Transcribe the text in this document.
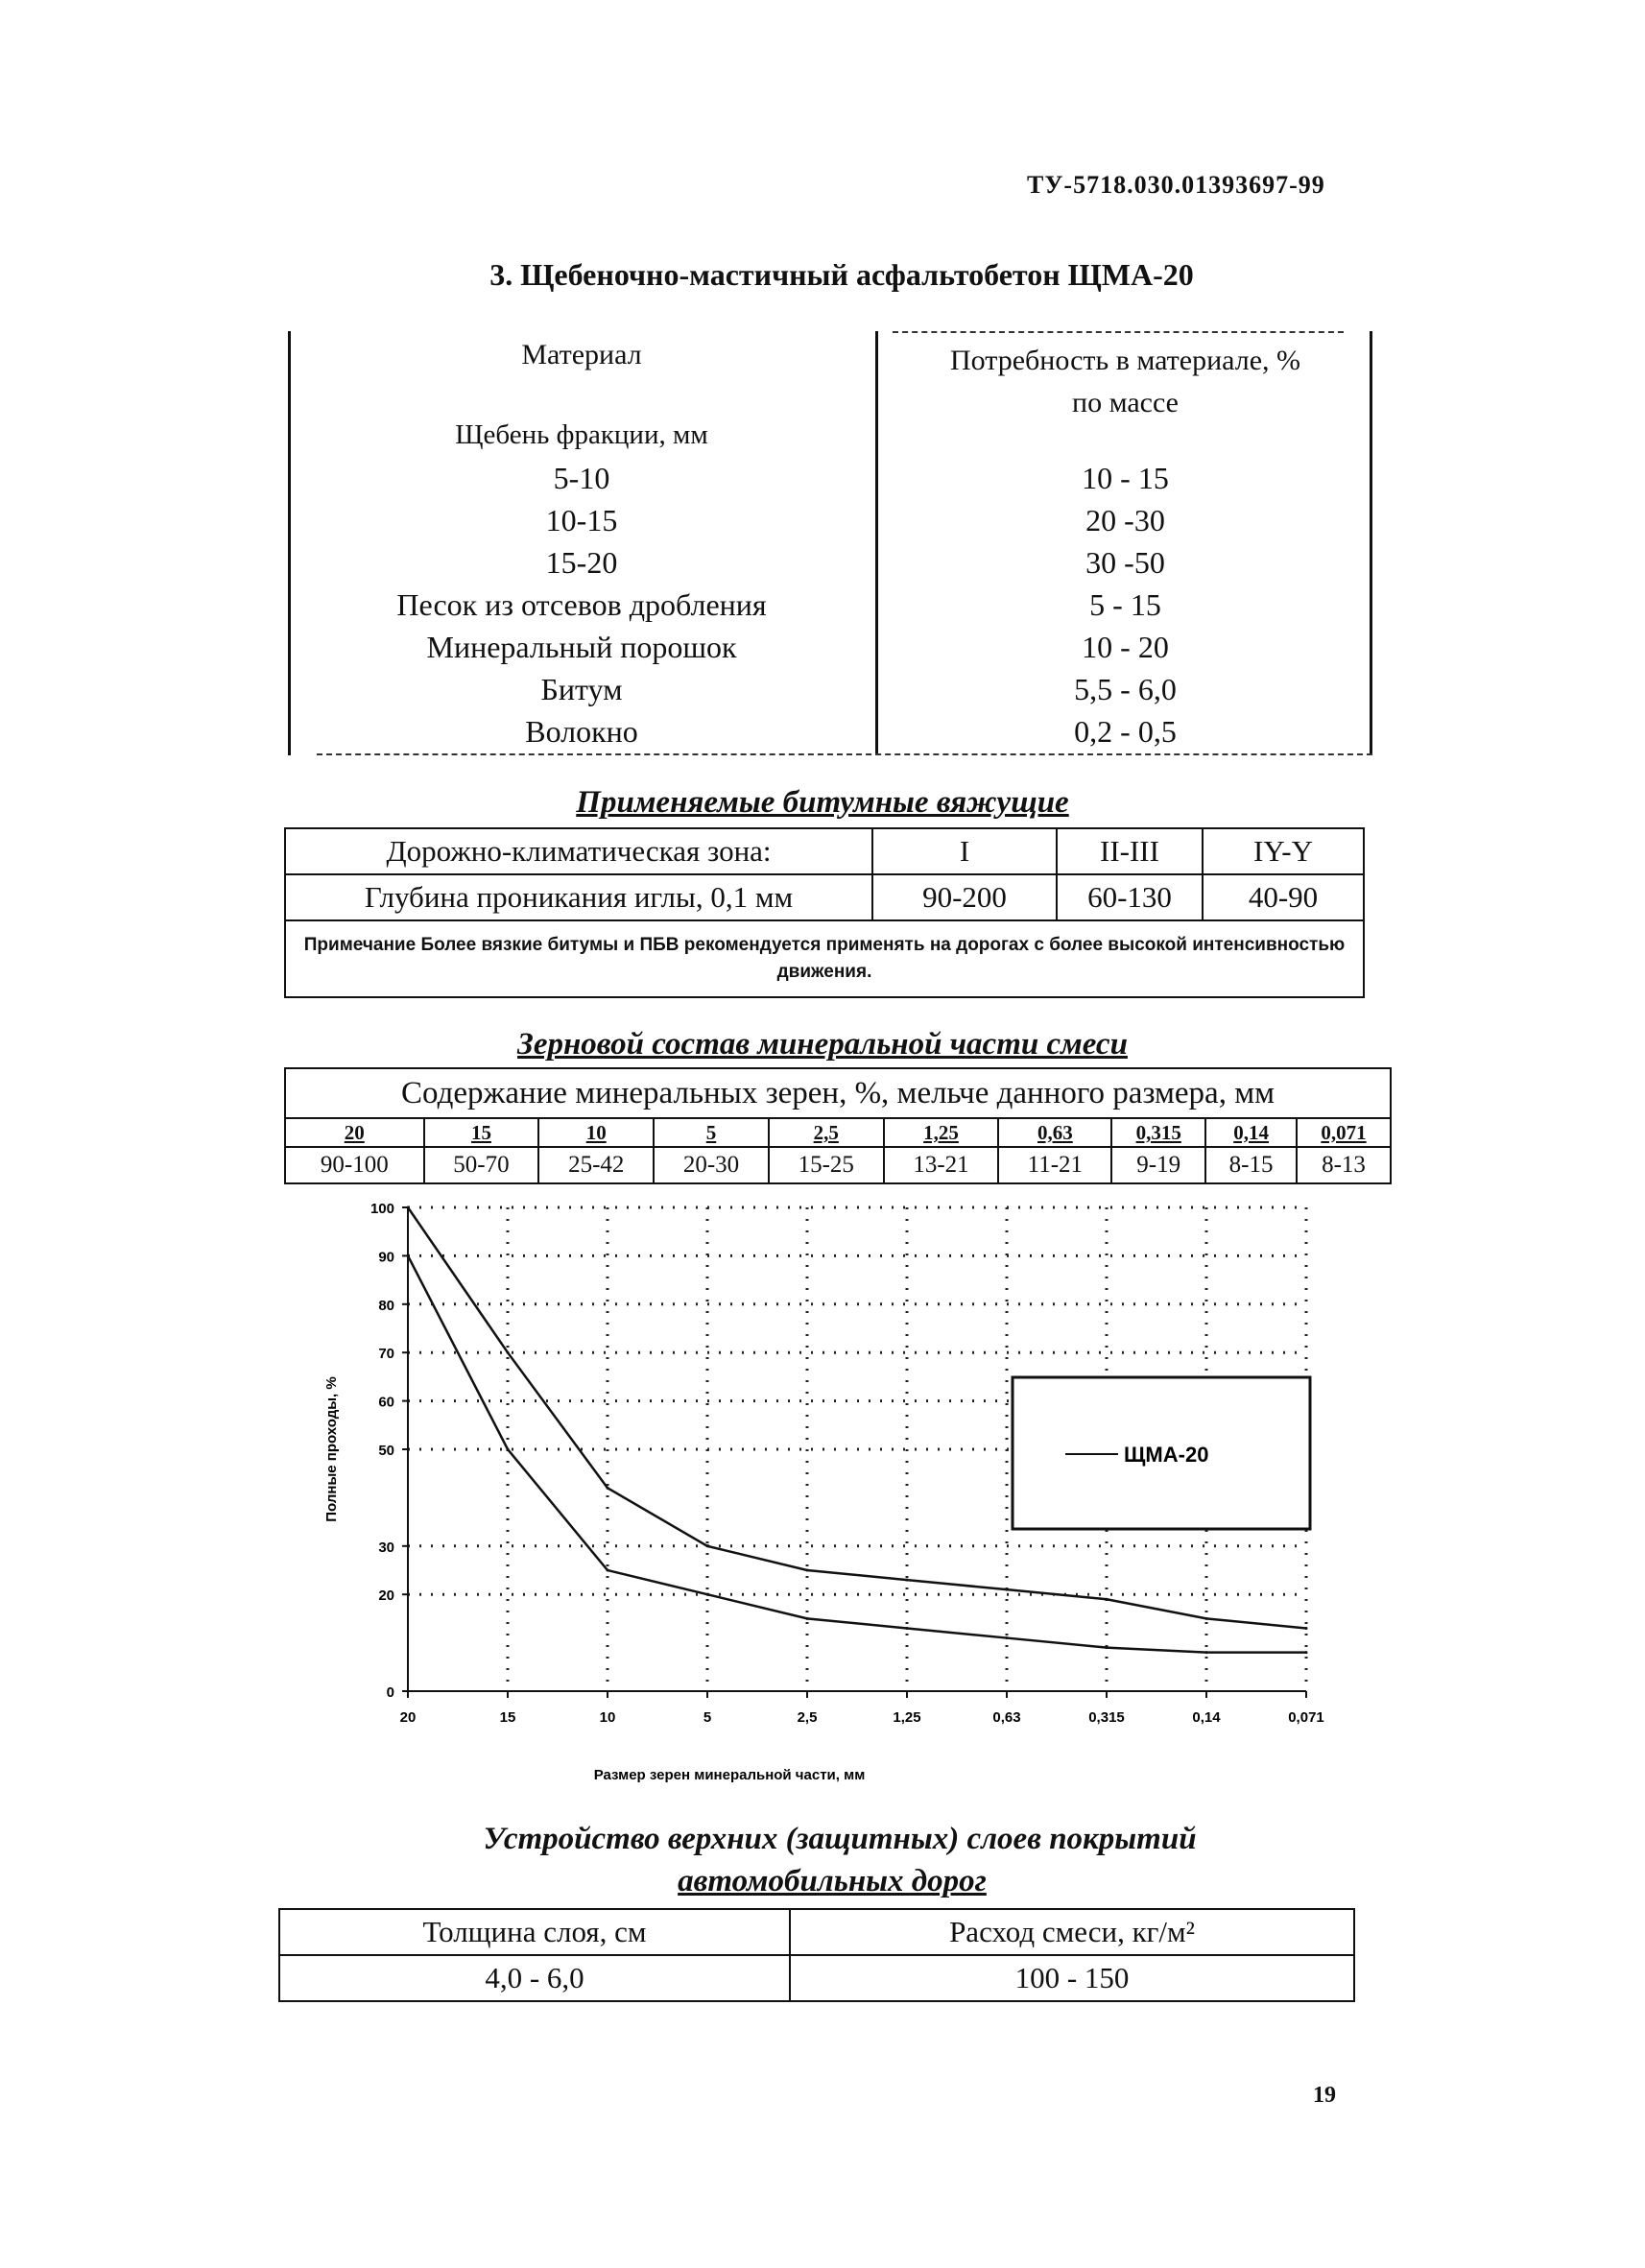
ТУ-5718.030.01393697-99
3. Щебеночно-мастичный асфальтобетон ЩМА-20
Материал	Потребность в материале, %
по массе
Щебень фракции, мм
5-10	10 - 15
10-15	20 -30
15-20	30 -50
Песок из отсевов дробления	5 - 15
Минеральный порошок	10 - 20
Битум	5,5 - 6,0
Волокно	0,2 - 0,5
Применяемые битумные вяжущие
Дорожно-климатическая зона:	I	II-III	IY-Y
Глубина проникания иглы, 0,1 мм	90-200	60-130	40-90
Примечание Более вязкие битумы и ПБВ рекомендуется применять на дорогах с более высокой интенсивностью движения.			
Зерновой состав минеральной части смеси
Содержание минеральных зерен, %, мельче данного размера, мм									
20	15	10	5	2,5	1,25	0,63	0,315	0,14	0,071
90-100	50-70	25-42	20-30	15-25	13-21	11-21	9-19	8-15	8-13
0
20
30
50
60
70
80
90
100
20	15	10	5	2,5	1,25	0,63	0,315	0,14	0,071
ЩМА-20
Размер зерен минеральной части, мм
Полные проходы, %
Устройство верхних (защитных) слоев покрытий
автомобильных дорог
Толщина слоя, см	Расход смеси, кг/м²
4,0 - 6,0	100 - 150
19
